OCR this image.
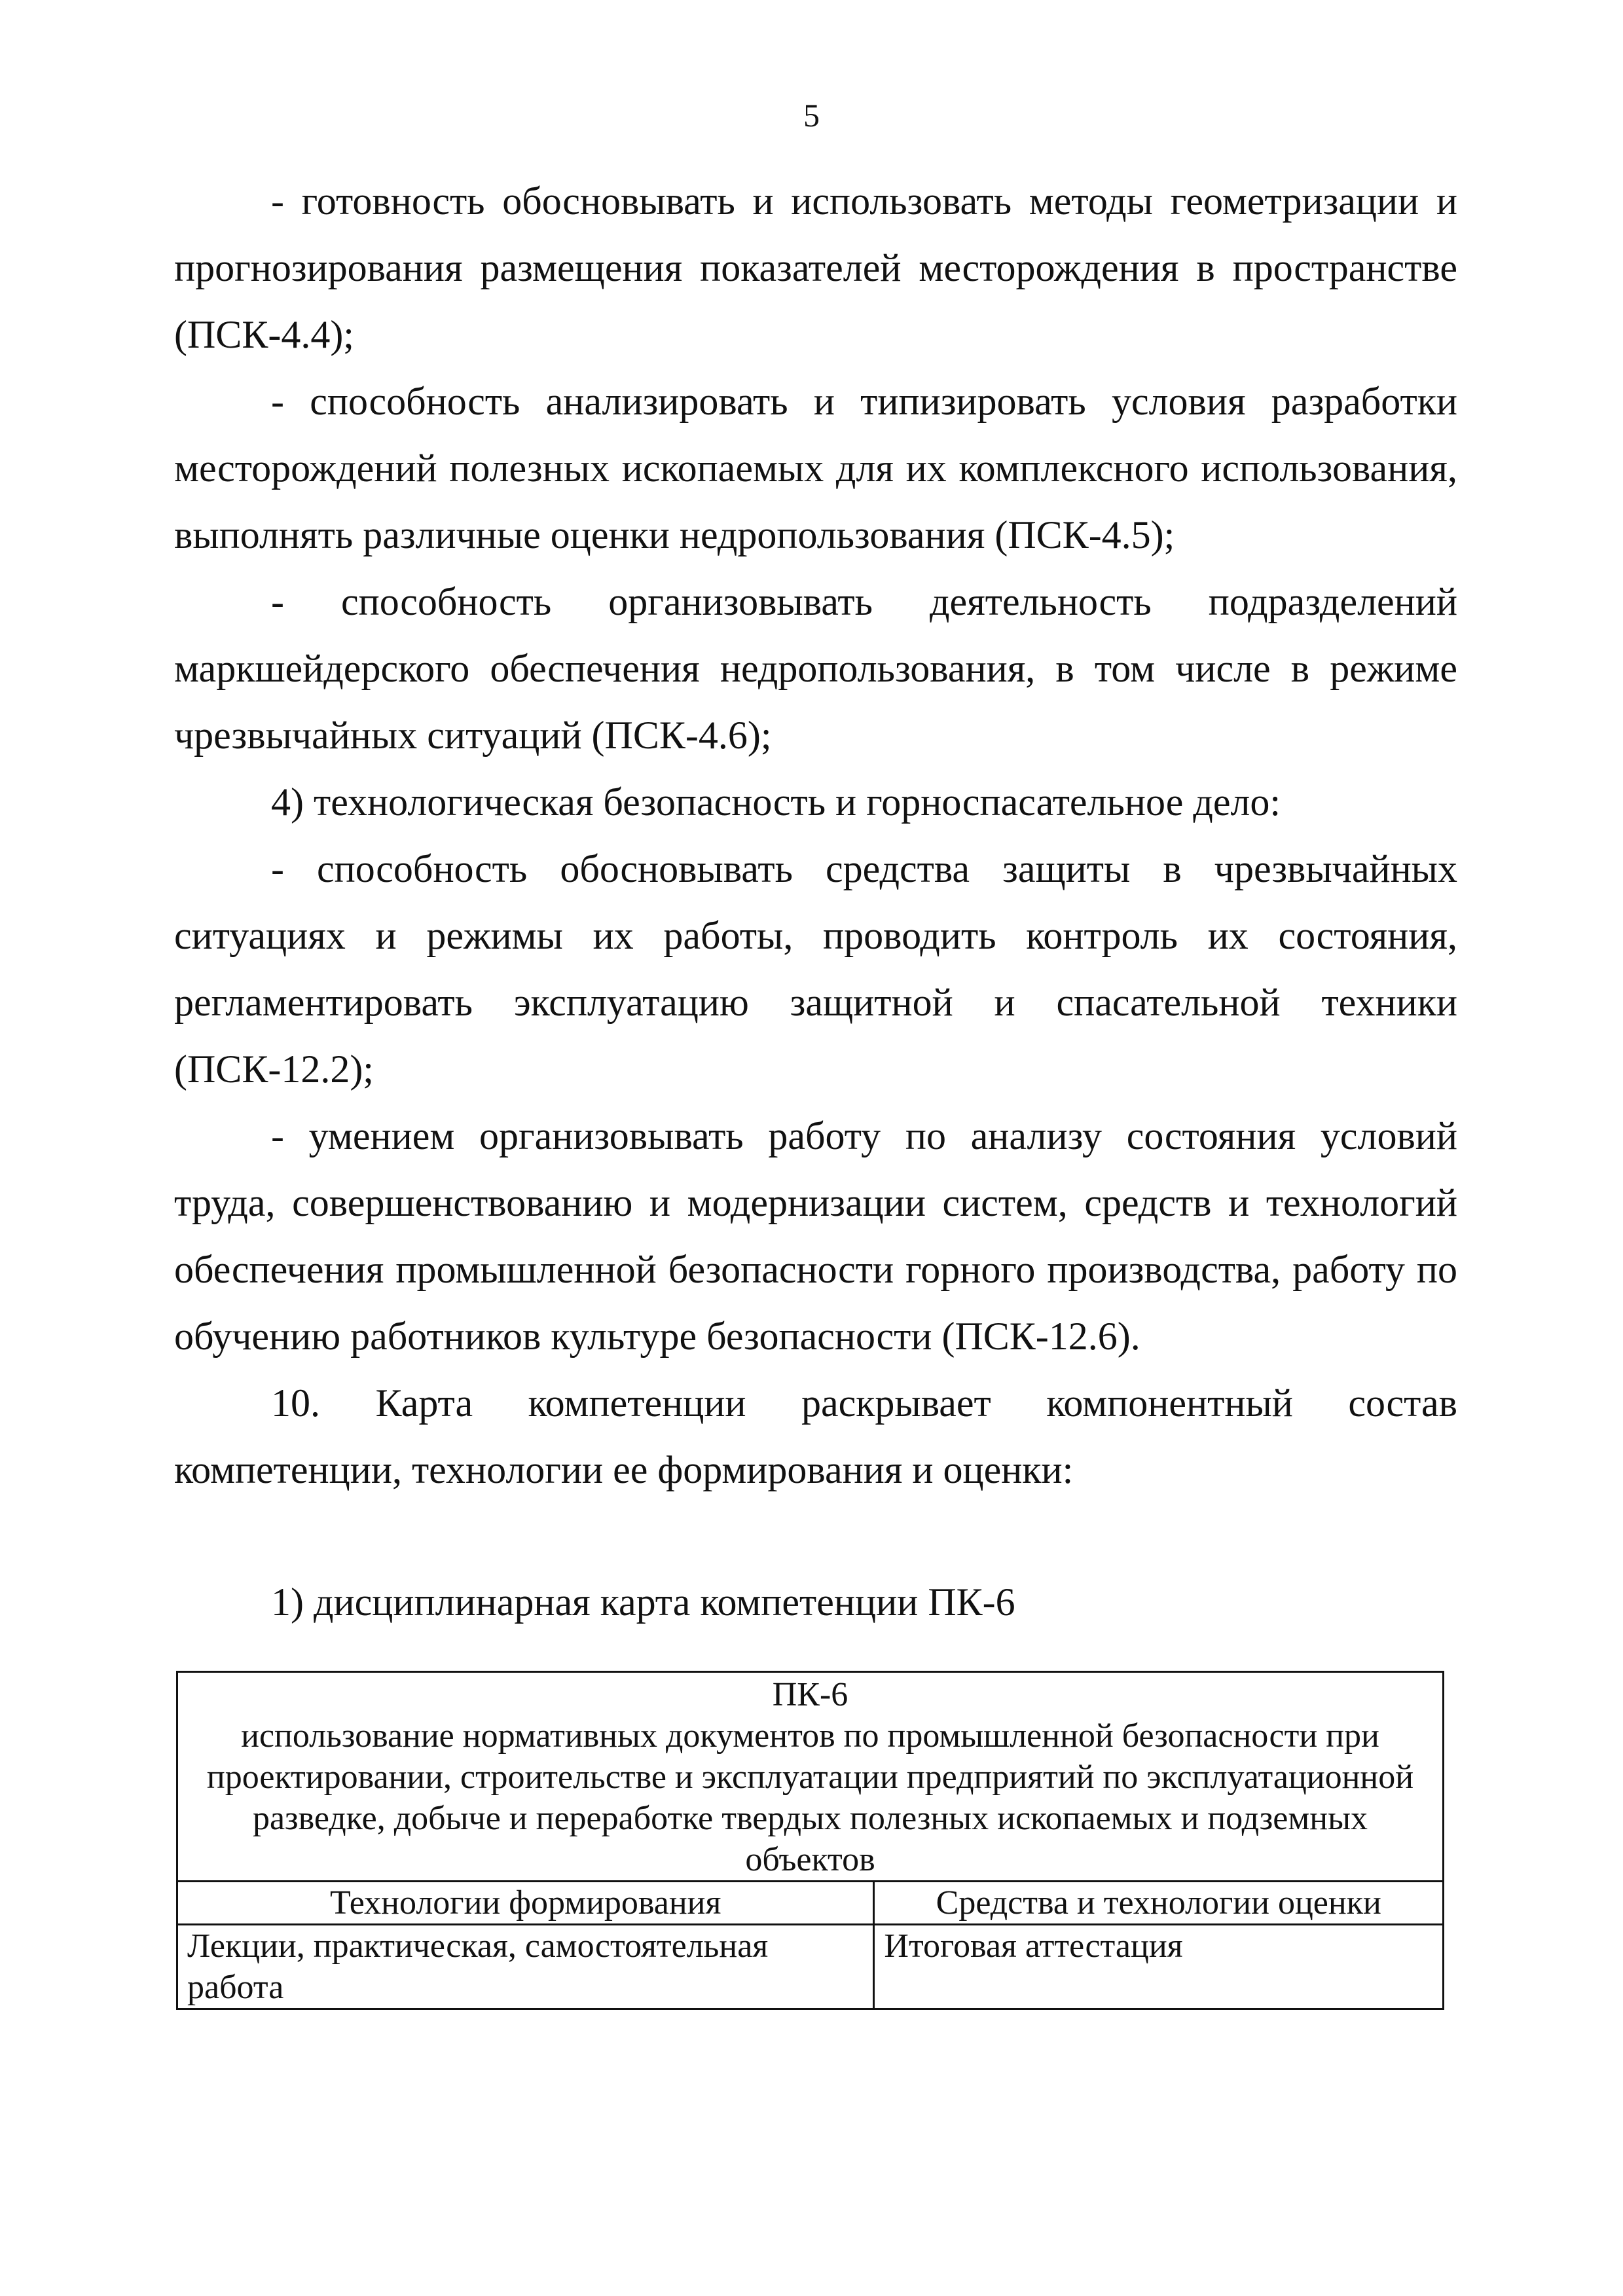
5

- готовность обосновывать и использовать методы геометризации и прогнозирования размещения показателей месторождения в пространстве (ПСК-4.4);

- способность анализировать и типизировать условия разработки месторождений полезных ископаемых для их комплексного использования, выполнять различные оценки недропользования (ПСК-4.5);

- способность организовывать деятельность подразделений маркшейдерского обеспечения недропользования, в том числе в режиме чрезвычайных ситуаций (ПСК-4.6);

4) технологическая безопасность и горноспасательное дело:

- способность обосновывать средства защиты в чрезвычайных ситуациях и режимы их работы, проводить контроль их состояния, регламентировать эксплуатацию защитной и спасательной техники (ПСК-12.2);

- умением организовывать работу по анализу состояния условий труда, совершенствованию и модернизации систем, средств и технологий обеспечения промышленной безопасности горного производства, работу по обучению работников культуре безопасности (ПСК-12.6).

10. Карта компетенции раскрывает компонентный состав компетенции, технологии ее формирования и оценки:

1) дисциплинарная карта компетенции ПК-6

ПК-6
использование нормативных документов по промышленной безопасности при проектировании, строительстве и эксплуатации предприятий по эксплуатационной разведке, добыче и переработке твердых полезных ископаемых и подземных объектов	

Технологии формирования	Средства и технологии оценки
Лекции, практическая, самостоятельная работа	Итоговая аттестация
